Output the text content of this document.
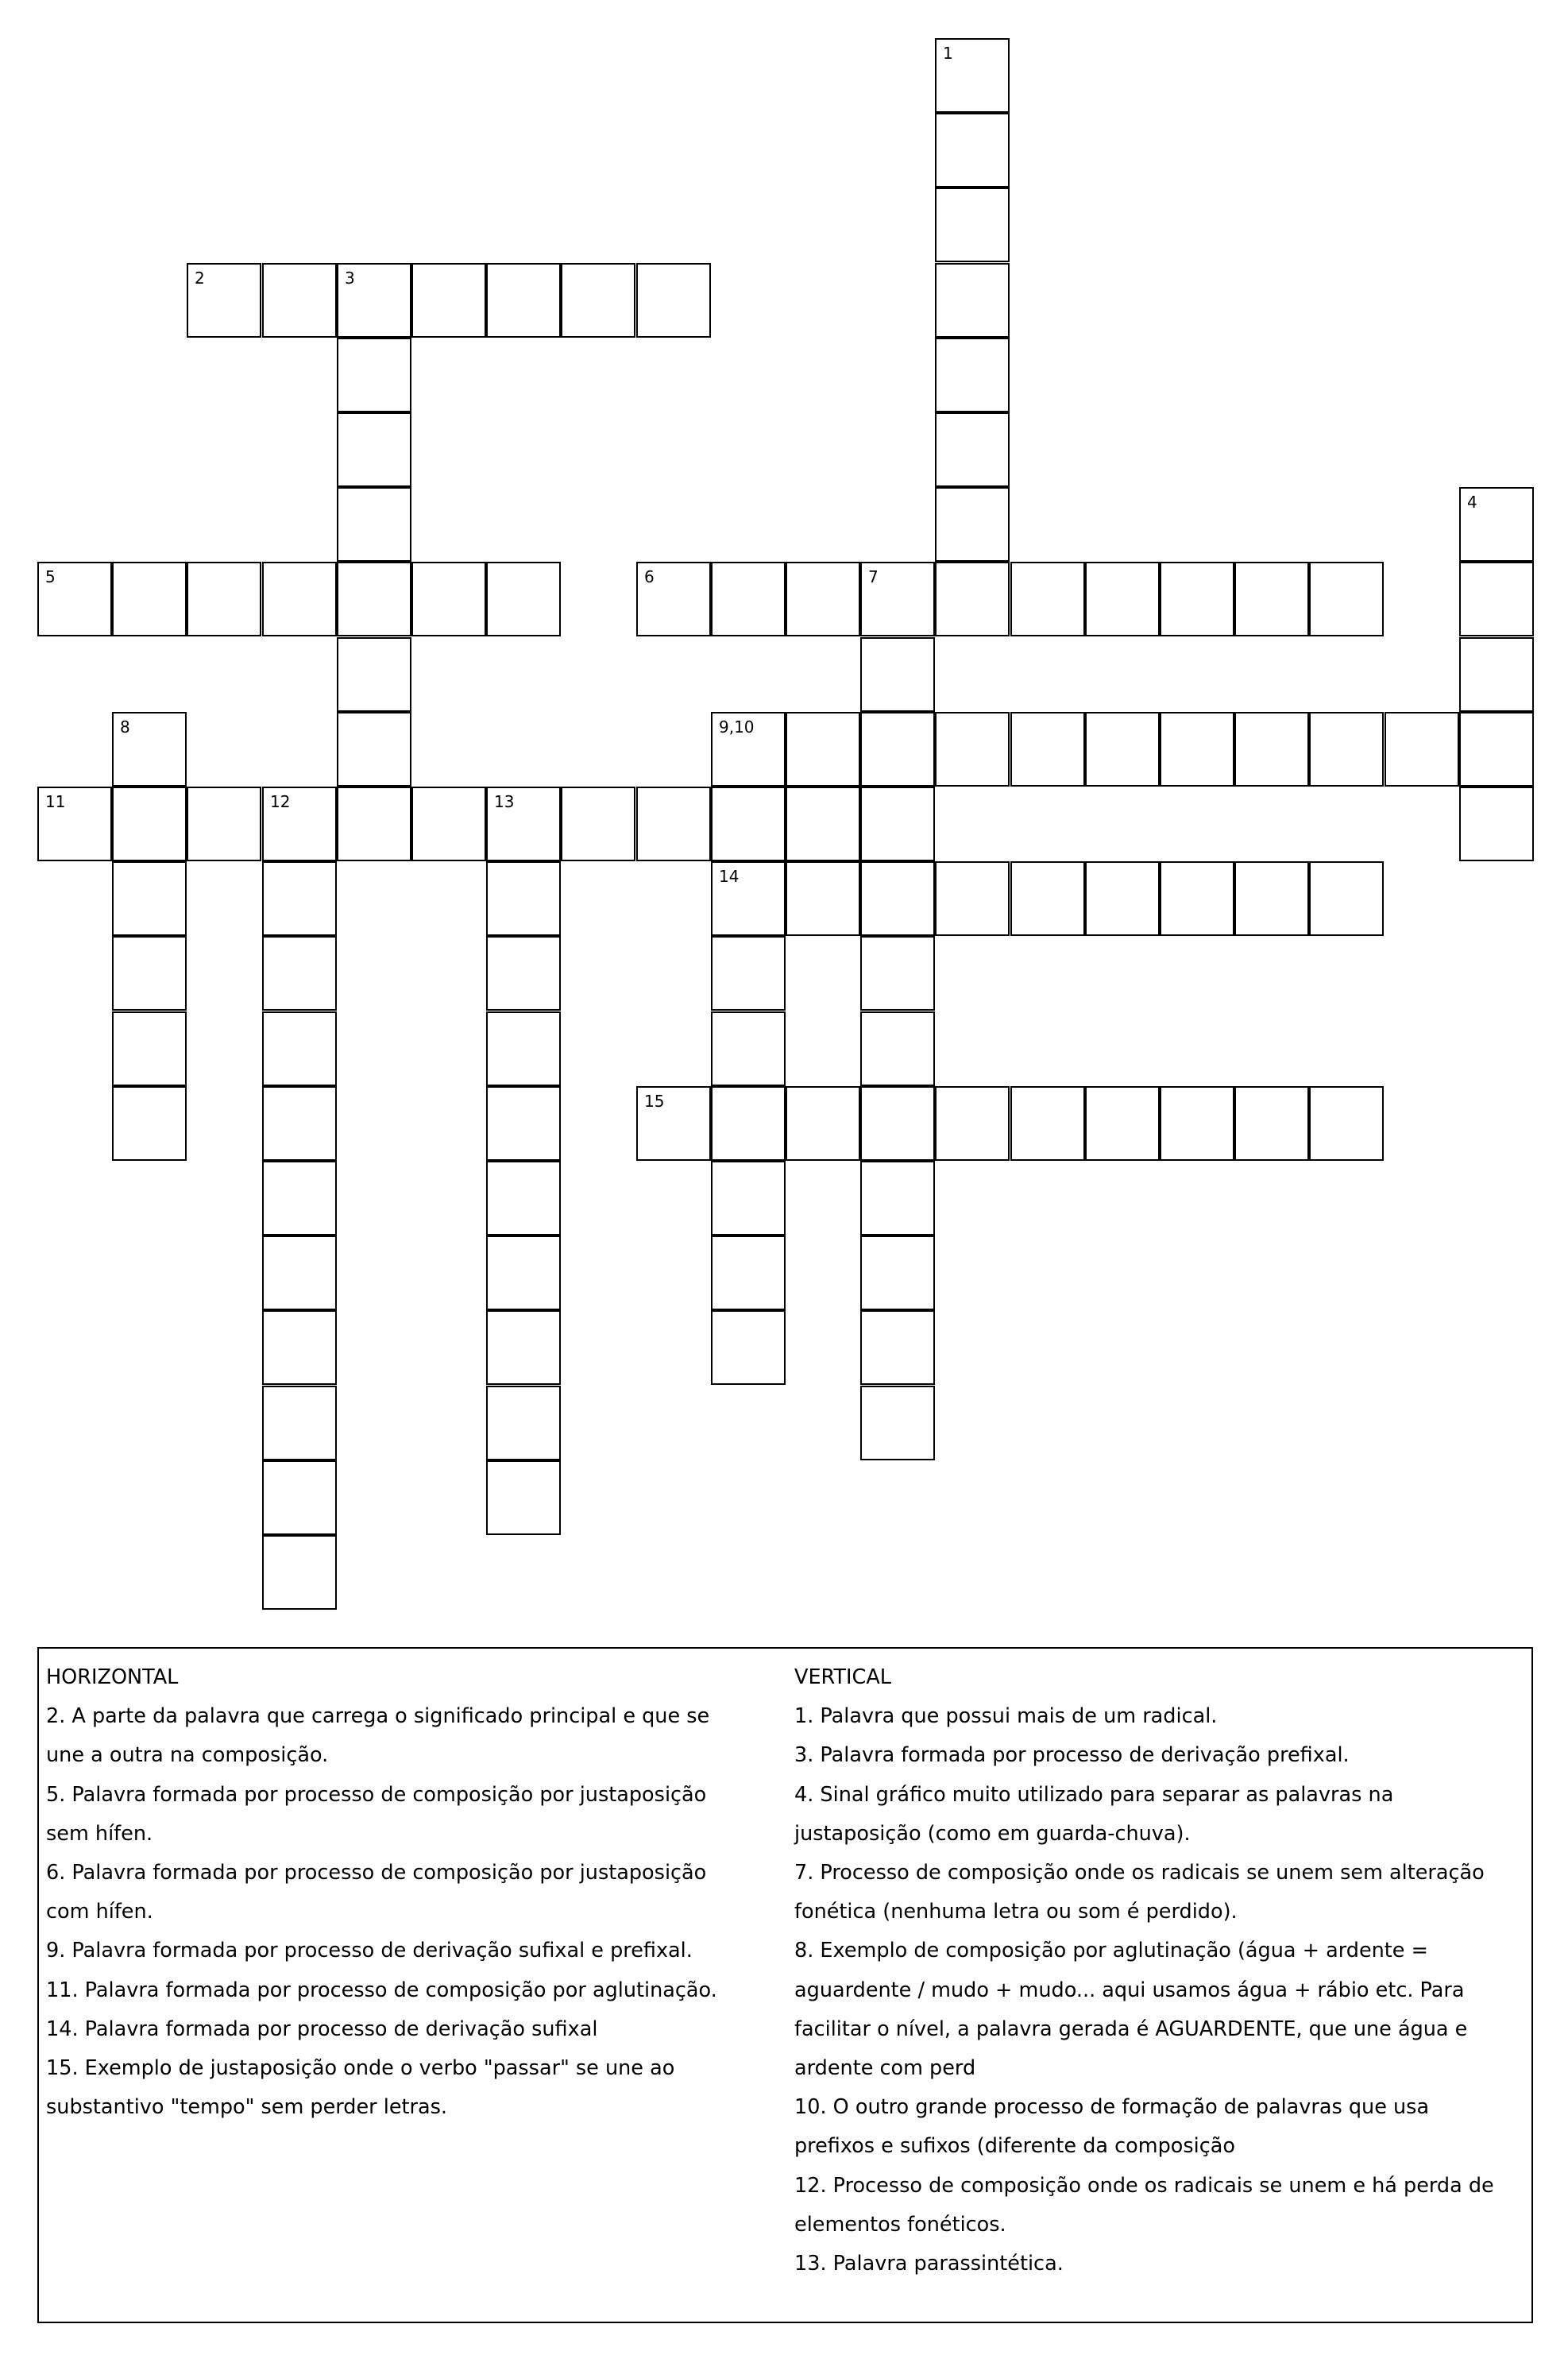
1
2	3
4
5	6	7
8	9,10
11	12	13
14
15
HORIZONTAL
2. A parte da palavra que carrega o significado principal e que se
une a outra na composição.
5. Palavra formada por processo de composição por justaposição
sem hífen.
6. Palavra formada por processo de composição por justaposição
com hífen.
9. Palavra formada por processo de derivação sufixal e prefixal.
11. Palavra formada por processo de composição por aglutinação.
14. Palavra formada por processo de derivação sufixal
15. Exemplo de justaposição onde o verbo "passar" se une ao
substantivo "tempo" sem perder letras.
VERTICAL
1. Palavra que possui mais de um radical.
3. Palavra formada por processo de derivação prefixal.
4. Sinal gráfico muito utilizado para separar as palavras na
justaposição (como em guarda-chuva).
7. Processo de composição onde os radicais se unem sem alteração
fonética (nenhuma letra ou som é perdido).
8. Exemplo de composição por aglutinação (água + ardente =
aguardente / mudo + mudo... aqui usamos água + rábio etc. Para
facilitar o nível, a palavra gerada é AGUARDENTE, que une água e
ardente com perd
10. O outro grande processo de formação de palavras que usa
prefixos e sufixos (diferente da composição
12. Processo de composição onde os radicais se unem e há perda de
elementos fonéticos.
13. Palavra parassintética.
